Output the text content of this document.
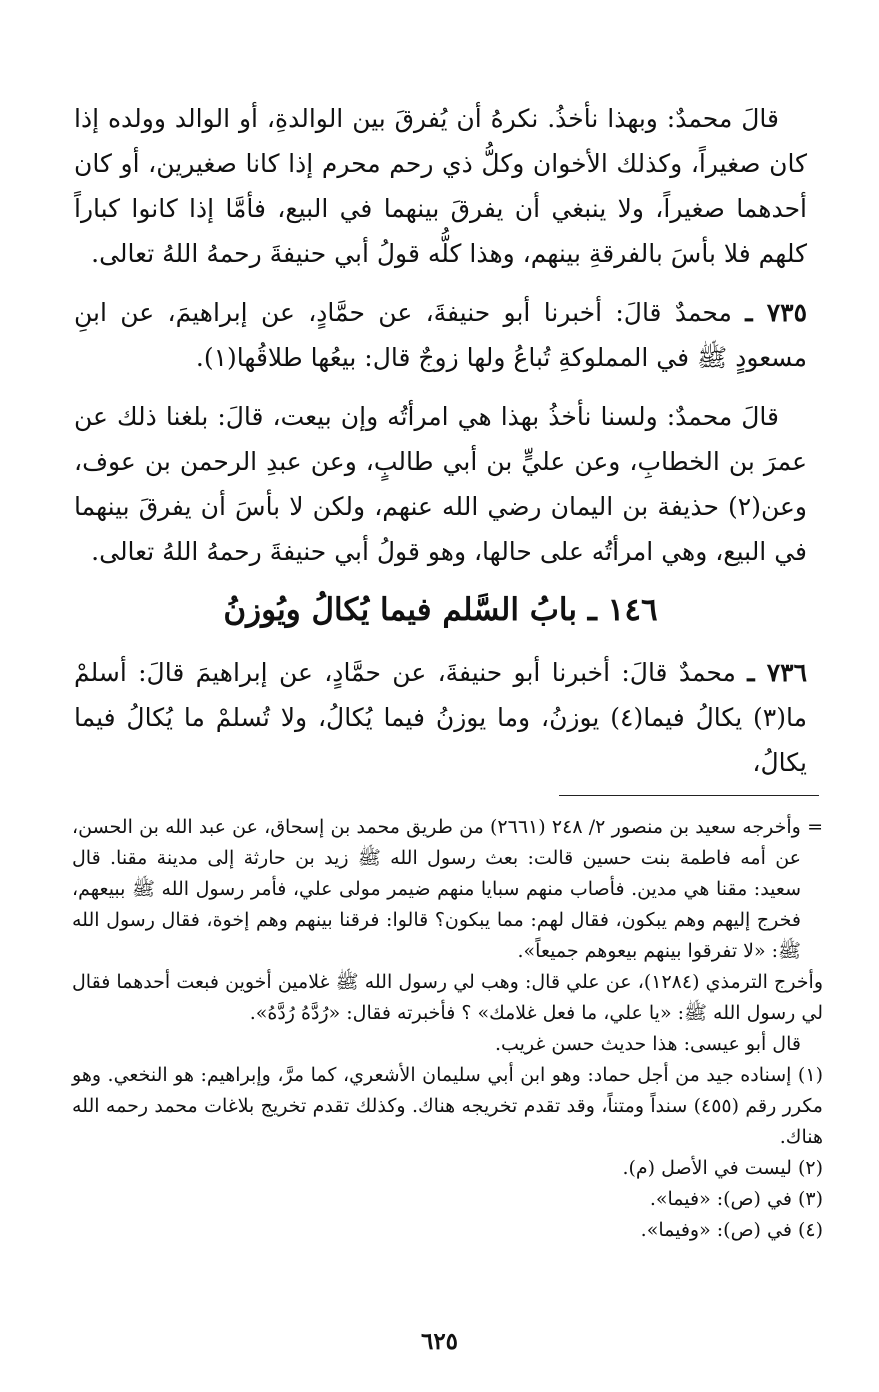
قالَ محمدٌ: وبهذا نأخذُ. نكرهُ أن يُفرقَ بين الوالدةِ، أو الوالد وولده إذا كان صغيراً، وكذلك الأخوان وكلُّ ذي رحم محرم إذا كانا صغيرين، أو كان أحدهما صغيراً، ولا ينبغي أن يفرقَ بينهما في البيع، فأمَّا إذا كانوا كباراً كلهم فلا بأسَ بالفرقةِ بينهم، وهذا كلُّه قولُ أبي حنيفةَ رحمهُ اللهُ تعالى.

٧٣٥ ـ محمدٌ قالَ: أخبرنا أبو حنيفةَ، عن حمَّادٍ، عن إبراهيمَ، عن ابنِ مسعودٍ ﷺ في المملوكةِ تُباعُ ولها زوجٌ قال: بيعُها طلاقُها(١).

قالَ محمدٌ: ولسنا نأخذُ بهذا هي امرأتُه وإن بيعت، قالَ: بلغنا ذلك عن عمرَ بن الخطابِ، وعن عليٍّ بن أبي طالبٍ، وعن عبدِ الرحمن بن عوف، وعن(٢) حذيفة بن اليمان رضي الله عنهم، ولكن لا بأسَ أن يفرقَ بينهما في البيع، وهي امرأتُه على حالها، وهو قولُ أبي حنيفةَ رحمهُ اللهُ تعالى.

١٤٦ ـ بابُ السَّلم فيما يُكالُ ويُوزنُ

٧٣٦ ـ محمدٌ قالَ: أخبرنا أبو حنيفةَ، عن حمَّادٍ، عن إبراهيمَ قالَ: أسلمْ ما(٣) يكالُ فيما(٤) يوزنُ، وما يوزنُ فيما يُكالُ، ولا تُسلمْ ما يُكالُ فيما يكالُ،

= وأخرجه سعيد بن منصور ٢/ ٢٤٨ (٢٦٦١) من طريق محمد بن إسحاق، عن عبد الله بن الحسن، عن أمه فاطمة بنت حسين قالت: بعث رسول الله ﷺ زيد بن حارثة إلى مدينة مقنا. قال سعيد: مقنا هي مدين. فأصاب منهم سبايا منهم ضيمر مولى علي، فأمر رسول الله ﷺ ببيعهم، فخرج إليهم وهم يبكون، فقال لهم: مما يبكون؟ قالوا: فرقنا بينهم وهم إخوة، فقال رسول الله ﷺ: «لا تفرقوا بينهم بيعوهم جميعاً».

وأخرج الترمذي (١٢٨٤)، عن علي قال: وهب لي رسول الله ﷺ غلامين أخوين فبعت أحدهما فقال لي رسول الله ﷺ: «يا علي، ما فعل غلامك» ؟ فأخبرته فقال: «رُدَّهُ رُدَّهُ».

قال أبو عيسى: هذا حديث حسن غريب.

(١) إسناده جيد من أجل حماد: وهو ابن أبي سليمان الأشعري، كما مرَّ، وإبراهيم: هو النخعي. وهو مكرر رقم (٤٥٥) سنداً ومتناً، وقد تقدم تخريجه هناك. وكذلك تقدم تخريج بلاغات محمد رحمه الله هناك.

(٢) ليست في الأصل (م).

(٣) في (ص): «فيما».

(٤) في (ص): «وفيما».

٦٢٥
